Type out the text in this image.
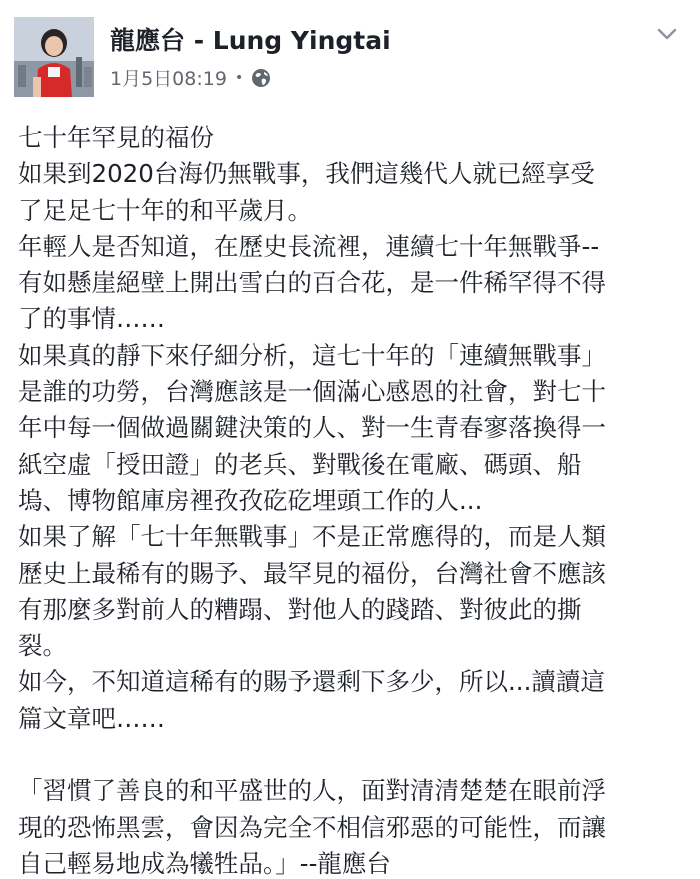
龍應台 - Lung Yingtai
1月5日08:19 •
七十年罕見的福份
如果到2020台海仍無戰事，我們這幾代人就已經享受
了足足七十年的和平歲月。
年輕人是否知道，在歷史長流裡，連續七十年無戰爭--
有如懸崖絕壁上開出雪白的百合花，是一件稀罕得不得
了的事情……
如果真的靜下來仔細分析，這七十年的「連續無戰事」
是誰的功勞，台灣應該是一個滿心感恩的社會，對七十
年中每一個做過關鍵決策的人、對一生青春寥落換得一
紙空虛「授田證」的老兵、對戰後在電廠、碼頭、船
塢、博物館庫房裡孜孜矻矻埋頭工作的人...
如果了解「七十年無戰事」不是正常應得的，而是人類
歷史上最稀有的賜予、最罕見的福份，台灣社會不應該
有那麼多對前人的糟蹋、對他人的踐踏、對彼此的撕
裂。
如今，不知道這稀有的賜予還剩下多少，所以...讀讀這
篇文章吧……
「習慣了善良的和平盛世的人，面對清清楚楚在眼前浮
現的恐怖黑雲，會因為完全不相信邪惡的可能性，而讓
自己輕易地成為犧牲品。」--龍應台
